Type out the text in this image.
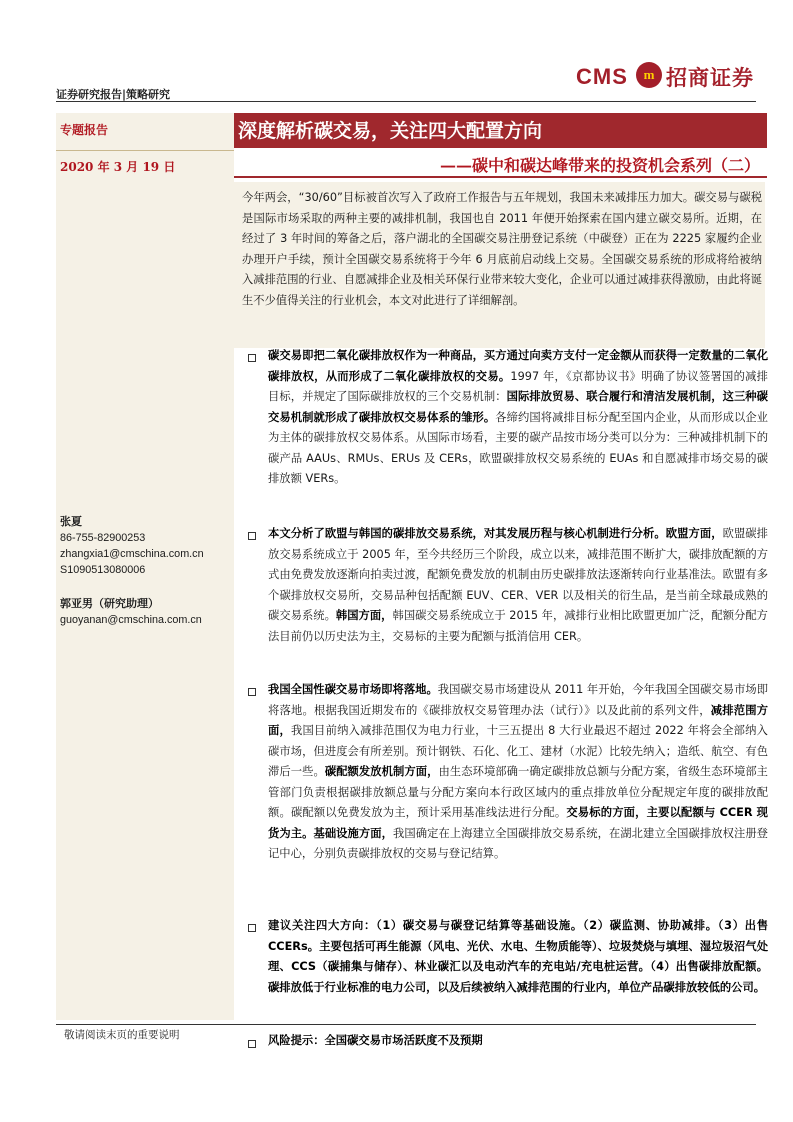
证券研究报告|策略研究
CMS	m 招商证券
专题报告
2020 年 3 月 19 日
深度解析碳交易，关注四大配置方向
——碳中和碳达峰带来的投资机会系列（二）
今年两会，“30/60”目标被首次写入了政府工作报告与五年规划，我国未来减排压力加大。碳交易与碳税是国际市场采取的两种主要的减排机制，我国也自 2011 年便开始探索在国内建立碳交易所。近期，在经过了 3 年时间的筹备之后，落户湖北的全国碳交易注册登记系统（中碳登）正在为 2225 家履约企业办理开户手续，预计全国碳交易系统将于今年 6 月底前启动线上交易。全国碳交易系统的形成将给被纳入减排范围的行业、自愿减排企业及相关环保行业带来较大变化，企业可以通过减排获得激励，由此将诞生不少值得关注的行业机会，本文对此进行了详细解剖。
碳交易即把二氧化碳排放权作为一种商品，买方通过向卖方支付一定金额从而获得一定数量的二氧化碳排放权，从而形成了二氧化碳排放权的交易。1997 年，《京都协议书》明确了协议签署国的减排目标，并规定了国际碳排放权的三个交易机制：国际排放贸易、联合履行和清洁发展机制，这三种碳交易机制就形成了碳排放权交易体系的雏形。各缔约国将减排目标分配至国内企业，从而形成以企业为主体的碳排放权交易体系。从国际市场看，主要的碳产品按市场分类可以分为：三种减排机制下的碳产品 AAUs、RMUs、ERUs 及 CERs，欧盟碳排放权交易系统的 EUAs 和自愿减排市场交易的碳排放额 VERs。
本文分析了欧盟与韩国的碳排放交易系统，对其发展历程与核心机制进行分析。欧盟方面，欧盟碳排放交易系统成立于 2005 年，至今共经历三个阶段，成立以来，减排范围不断扩大，碳排放配额的方式由免费发放逐渐向拍卖过渡，配额免费发放的机制由历史碳排放法逐渐转向行业基准法。欧盟有多个碳排放权交易所，交易品种包括配额 EUV、CER、VER 以及相关的衍生品，是当前全球最成熟的碳交易系统。韩国方面，韩国碳交易系统成立于 2015 年，减排行业相比欧盟更加广泛，配额分配方法目前仍以历史法为主，交易标的主要为配额与抵消信用 CER。
我国全国性碳交易市场即将落地。我国碳交易市场建设从 2011 年开始，今年我国全国碳交易市场即将落地。根据我国近期发布的《碳排放权交易管理办法（试行）》以及此前的系列文件，减排范围方面，我国目前纳入减排范围仅为电力行业，十三五提出 8 大行业最迟不超过 2022 年将会全部纳入碳市场，但进度会有所差别。预计钢铁、石化、化工、建材（水泥）比较先纳入；造纸、航空、有色滞后一些。碳配额发放机制方面，由生态环境部确一确定碳排放总额与分配方案，省级生态环境部主管部门负责根据碳排放额总量与分配方案向本行政区域内的重点排放单位分配规定年度的碳排放配额。碳配额以免费发放为主，预计采用基准线法进行分配。交易标的方面，主要以配额与 CCER 现货为主。基础设施方面，我国确定在上海建立全国碳排放交易系统，在湖北建立全国碳排放权注册登记中心，分别负责碳排放权的交易与登记结算。
建议关注四大方向：（1）碳交易与碳登记结算等基础设施。（2）碳监测、协助减排。（3）出售 CCERs。主要包括可再生能源（风电、光伏、水电、生物质能等）、垃圾焚烧与填埋、湿垃圾沼气处理、CCS（碳捕集与储存）、林业碳汇以及电动汽车的充电站/充电桩运营。（4）出售碳排放配额。碳排放低于行业标准的电力公司，以及后续被纳入减排范围的行业内，单位产品碳排放较低的公司。
风险提示：全国碳交易市场活跃度不及预期
张夏
86-755-82900253
zhangxia1@cmschina.com.cn
S1090513080006
郭亚男（研究助理）
guoyanan@cmschina.com.cn
敬请阅读末页的重要说明
